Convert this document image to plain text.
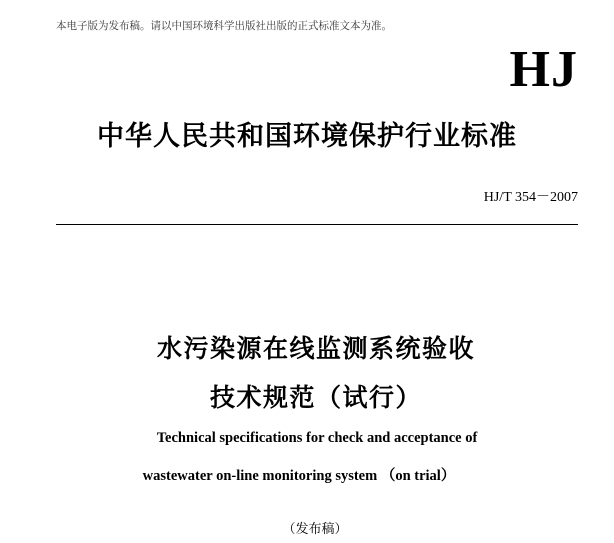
本电子版为发布稿。请以中国环境科学出版社出版的正式标准文本为准。
HJ
中华人民共和国环境保护行业标准
HJ/T 354－2007
水污染源在线监测系统验收
技术规范（试行）
Technical specifications for check and acceptance of
wastewater on-line monitoring system （on trial）
（发布稿）
